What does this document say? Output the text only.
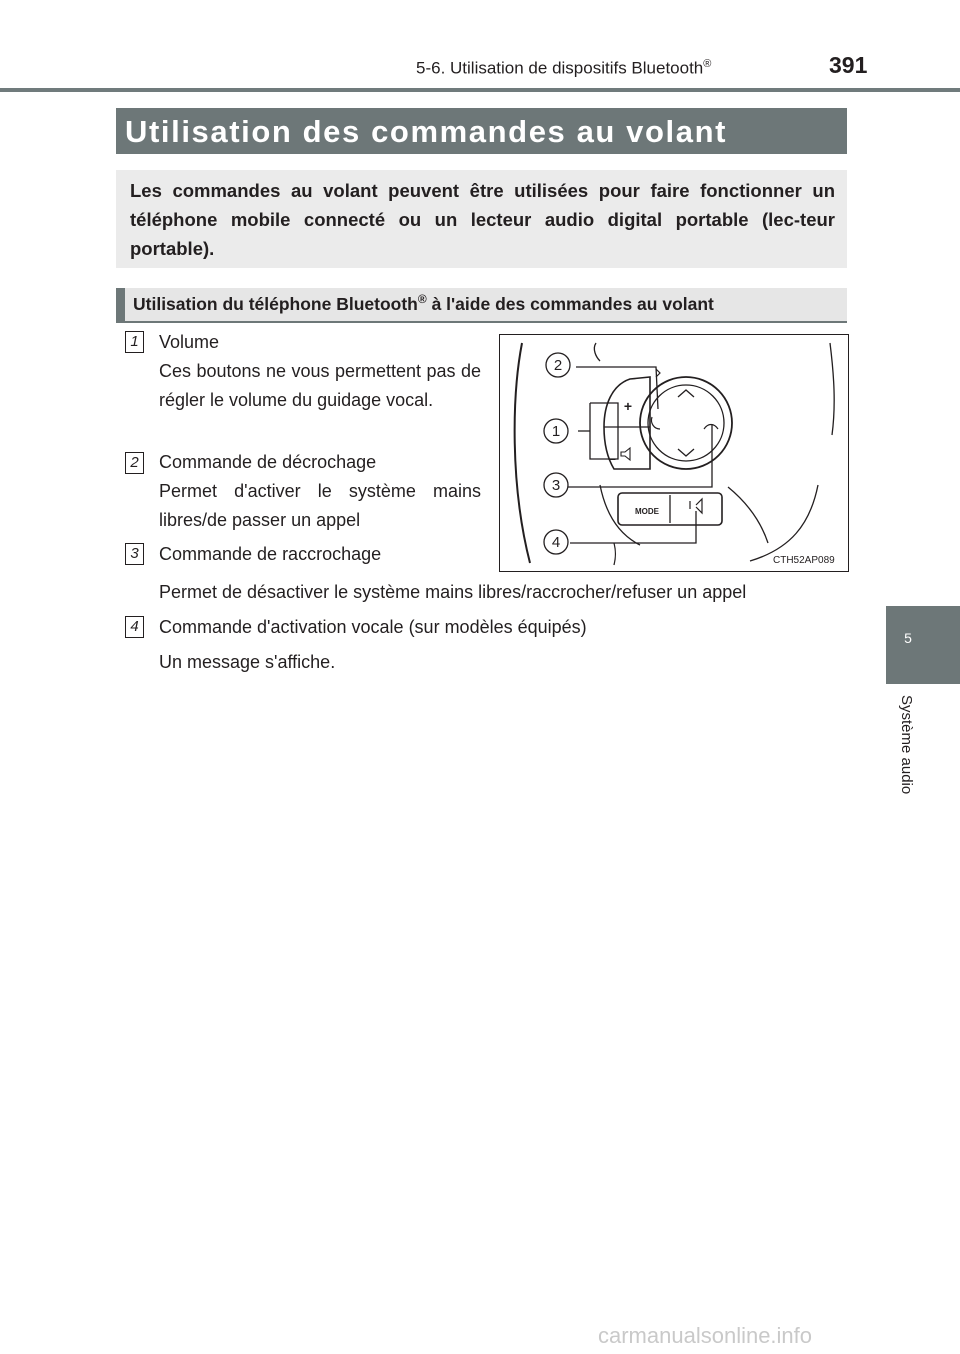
5-6. Utilisation de dispositifs Bluetooth®	391
5
Système audio
Utilisation des commandes au volant
Les commandes au volant peuvent être utilisées pour faire fonctionner un téléphone mobile connecté ou un lecteur audio digital portable (lec-teur portable).
Utilisation du téléphone Bluetooth® à l'aide des commandes au volant
1 Volume
Ces boutons ne vous permettent pas de régler le volume du guidage vocal.
2 Commande de décrochage
Permet d'activer le système mains libres/de passer un appel
3 Commande de raccrochage
Permet de désactiver le système mains libres/raccrocher/refuser un appel
4 Commande d'activation vocale (sur modèles équipés)
Un message s'affiche.
2
1
3
4
+
–
MODE
CTH52AP089
carmanualsonline.info
